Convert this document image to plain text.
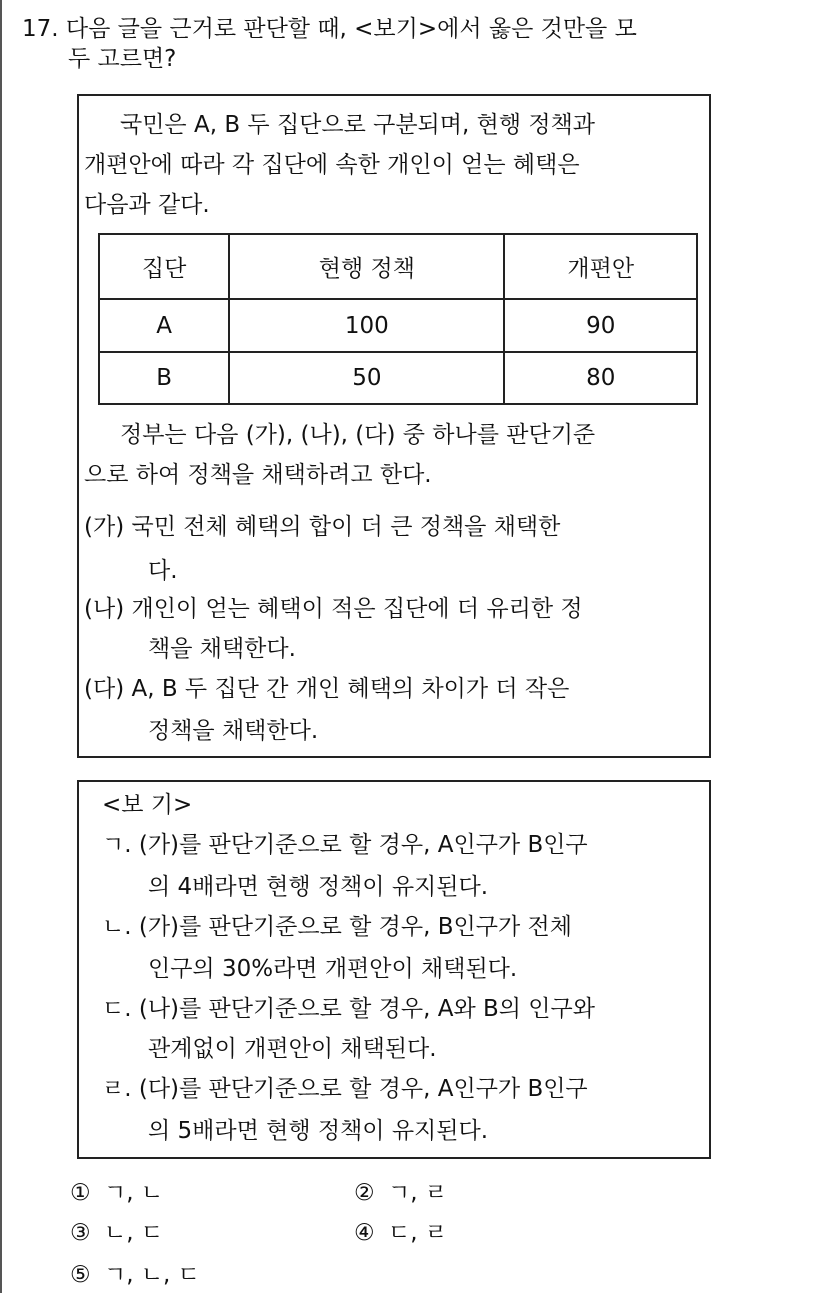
17. 다음 글을 근거로 판단할 때, <보기>에서 옳은 것만을 모
두 고르면?
국민은 A, B 두 집단으로 구분되며, 현행 정책과
개편안에 따라 각 집단에 속한 개인이 얻는 혜택은
다음과 같다.
집단	현행 정책	개편안
A	100	90
B	50	80
정부는 다음 (가), (나), (다) 중 하나를 판단기준
으로 하여 정책을 채택하려고 한다.
(가) 국민 전체 혜택의 합이 더 큰 정책을 채택한
다.
(나) 개인이 얻는 혜택이 적은 집단에 더 유리한 정
책을 채택한다.
(다) A, B 두 집단 간 개인 혜택의 차이가 더 작은
정책을 채택한다.
<보 기>
ㄱ. (가)를 판단기준으로 할 경우, A인구가 B인구
의 4배라면 현행 정책이 유지된다.
ㄴ. (가)를 판단기준으로 할 경우, B인구가 전체
인구의 30%라면 개편안이 채택된다.
ㄷ. (나)를 판단기준으로 할 경우, A와 B의 인구와
관계없이 개편안이 채택된다.
ㄹ. (다)를 판단기준으로 할 경우, A인구가 B인구
의 5배라면 현행 정책이 유지된다.
① ㄱ, ㄴ	② ㄱ, ㄹ
③ ㄴ, ㄷ	④ ㄷ, ㄹ
⑤ ㄱ, ㄴ, ㄷ
